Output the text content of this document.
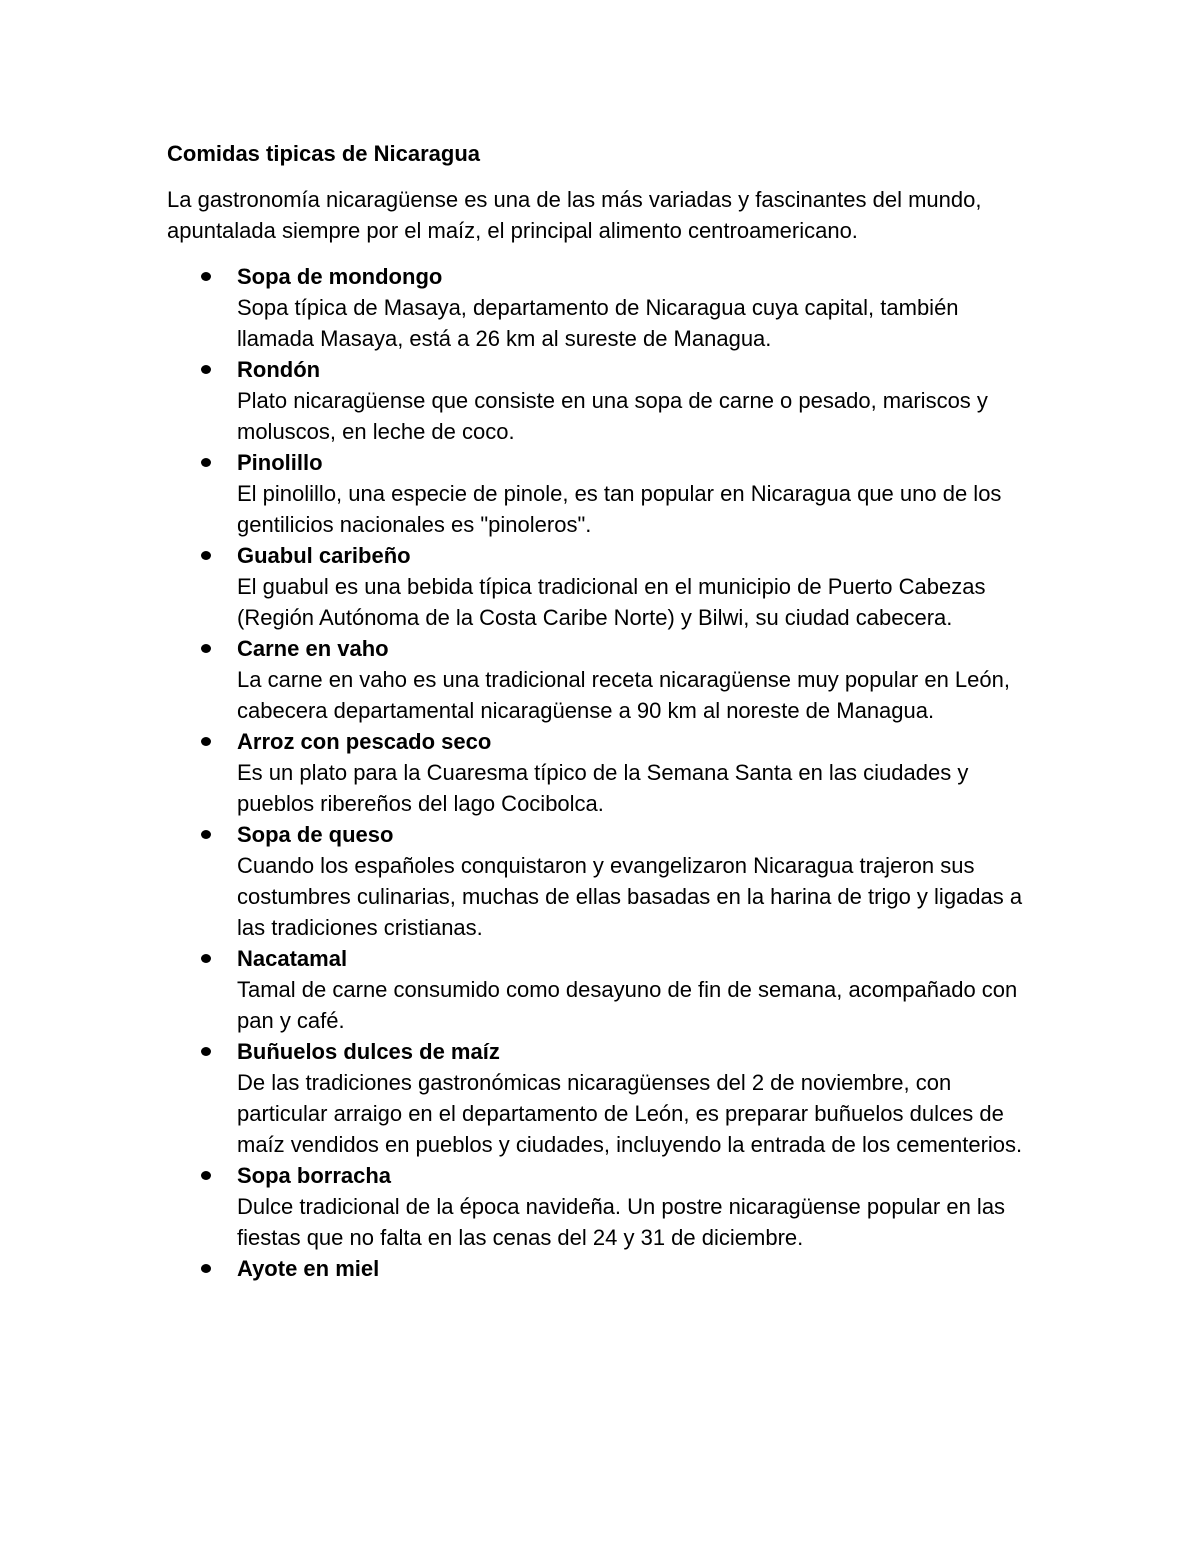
Comidas tipicas de Nicaragua
La gastronomía nicaragüense es una de las más variadas y fascinantes del mundo, apuntalada siempre por el maíz, el principal alimento centroamericano.
Sopa de mondongo
Sopa típica de Masaya, departamento de Nicaragua cuya capital, también llamada Masaya, está a 26 km al sureste de Managua.
Rondón
Plato nicaragüense que consiste en una sopa de carne o pesado, mariscos y moluscos, en leche de coco.
Pinolillo
El pinolillo, una especie de pinole, es tan popular en Nicaragua que uno de los gentilicios nacionales es "pinoleros".
Guabul caribeño
El guabul es una bebida típica tradicional en el municipio de Puerto Cabezas (Región Autónoma de la Costa Caribe Norte) y Bilwi, su ciudad cabecera.
Carne en vaho
La carne en vaho es una tradicional receta nicaragüense muy popular en León, cabecera departamental nicaragüense a 90 km al noreste de Managua.
Arroz con pescado seco
Es un plato para la Cuaresma típico de la Semana Santa en las ciudades y pueblos ribereños del lago Cocibolca.
Sopa de queso
Cuando los españoles conquistaron y evangelizaron Nicaragua trajeron sus costumbres culinarias, muchas de ellas basadas en la harina de trigo y ligadas a las tradiciones cristianas.
Nacatamal
Tamal de carne consumido como desayuno de fin de semana, acompañado con pan y café.
Buñuelos dulces de maíz
De las tradiciones gastronómicas nicaragüenses del 2 de noviembre, con particular arraigo en el departamento de León, es preparar buñuelos dulces de maíz vendidos en pueblos y ciudades, incluyendo la entrada de los cementerios.
Sopa borracha
Dulce tradicional de la época navideña. Un postre nicaragüense popular en las fiestas que no falta en las cenas del 24 y 31 de diciembre.
Ayote en miel
